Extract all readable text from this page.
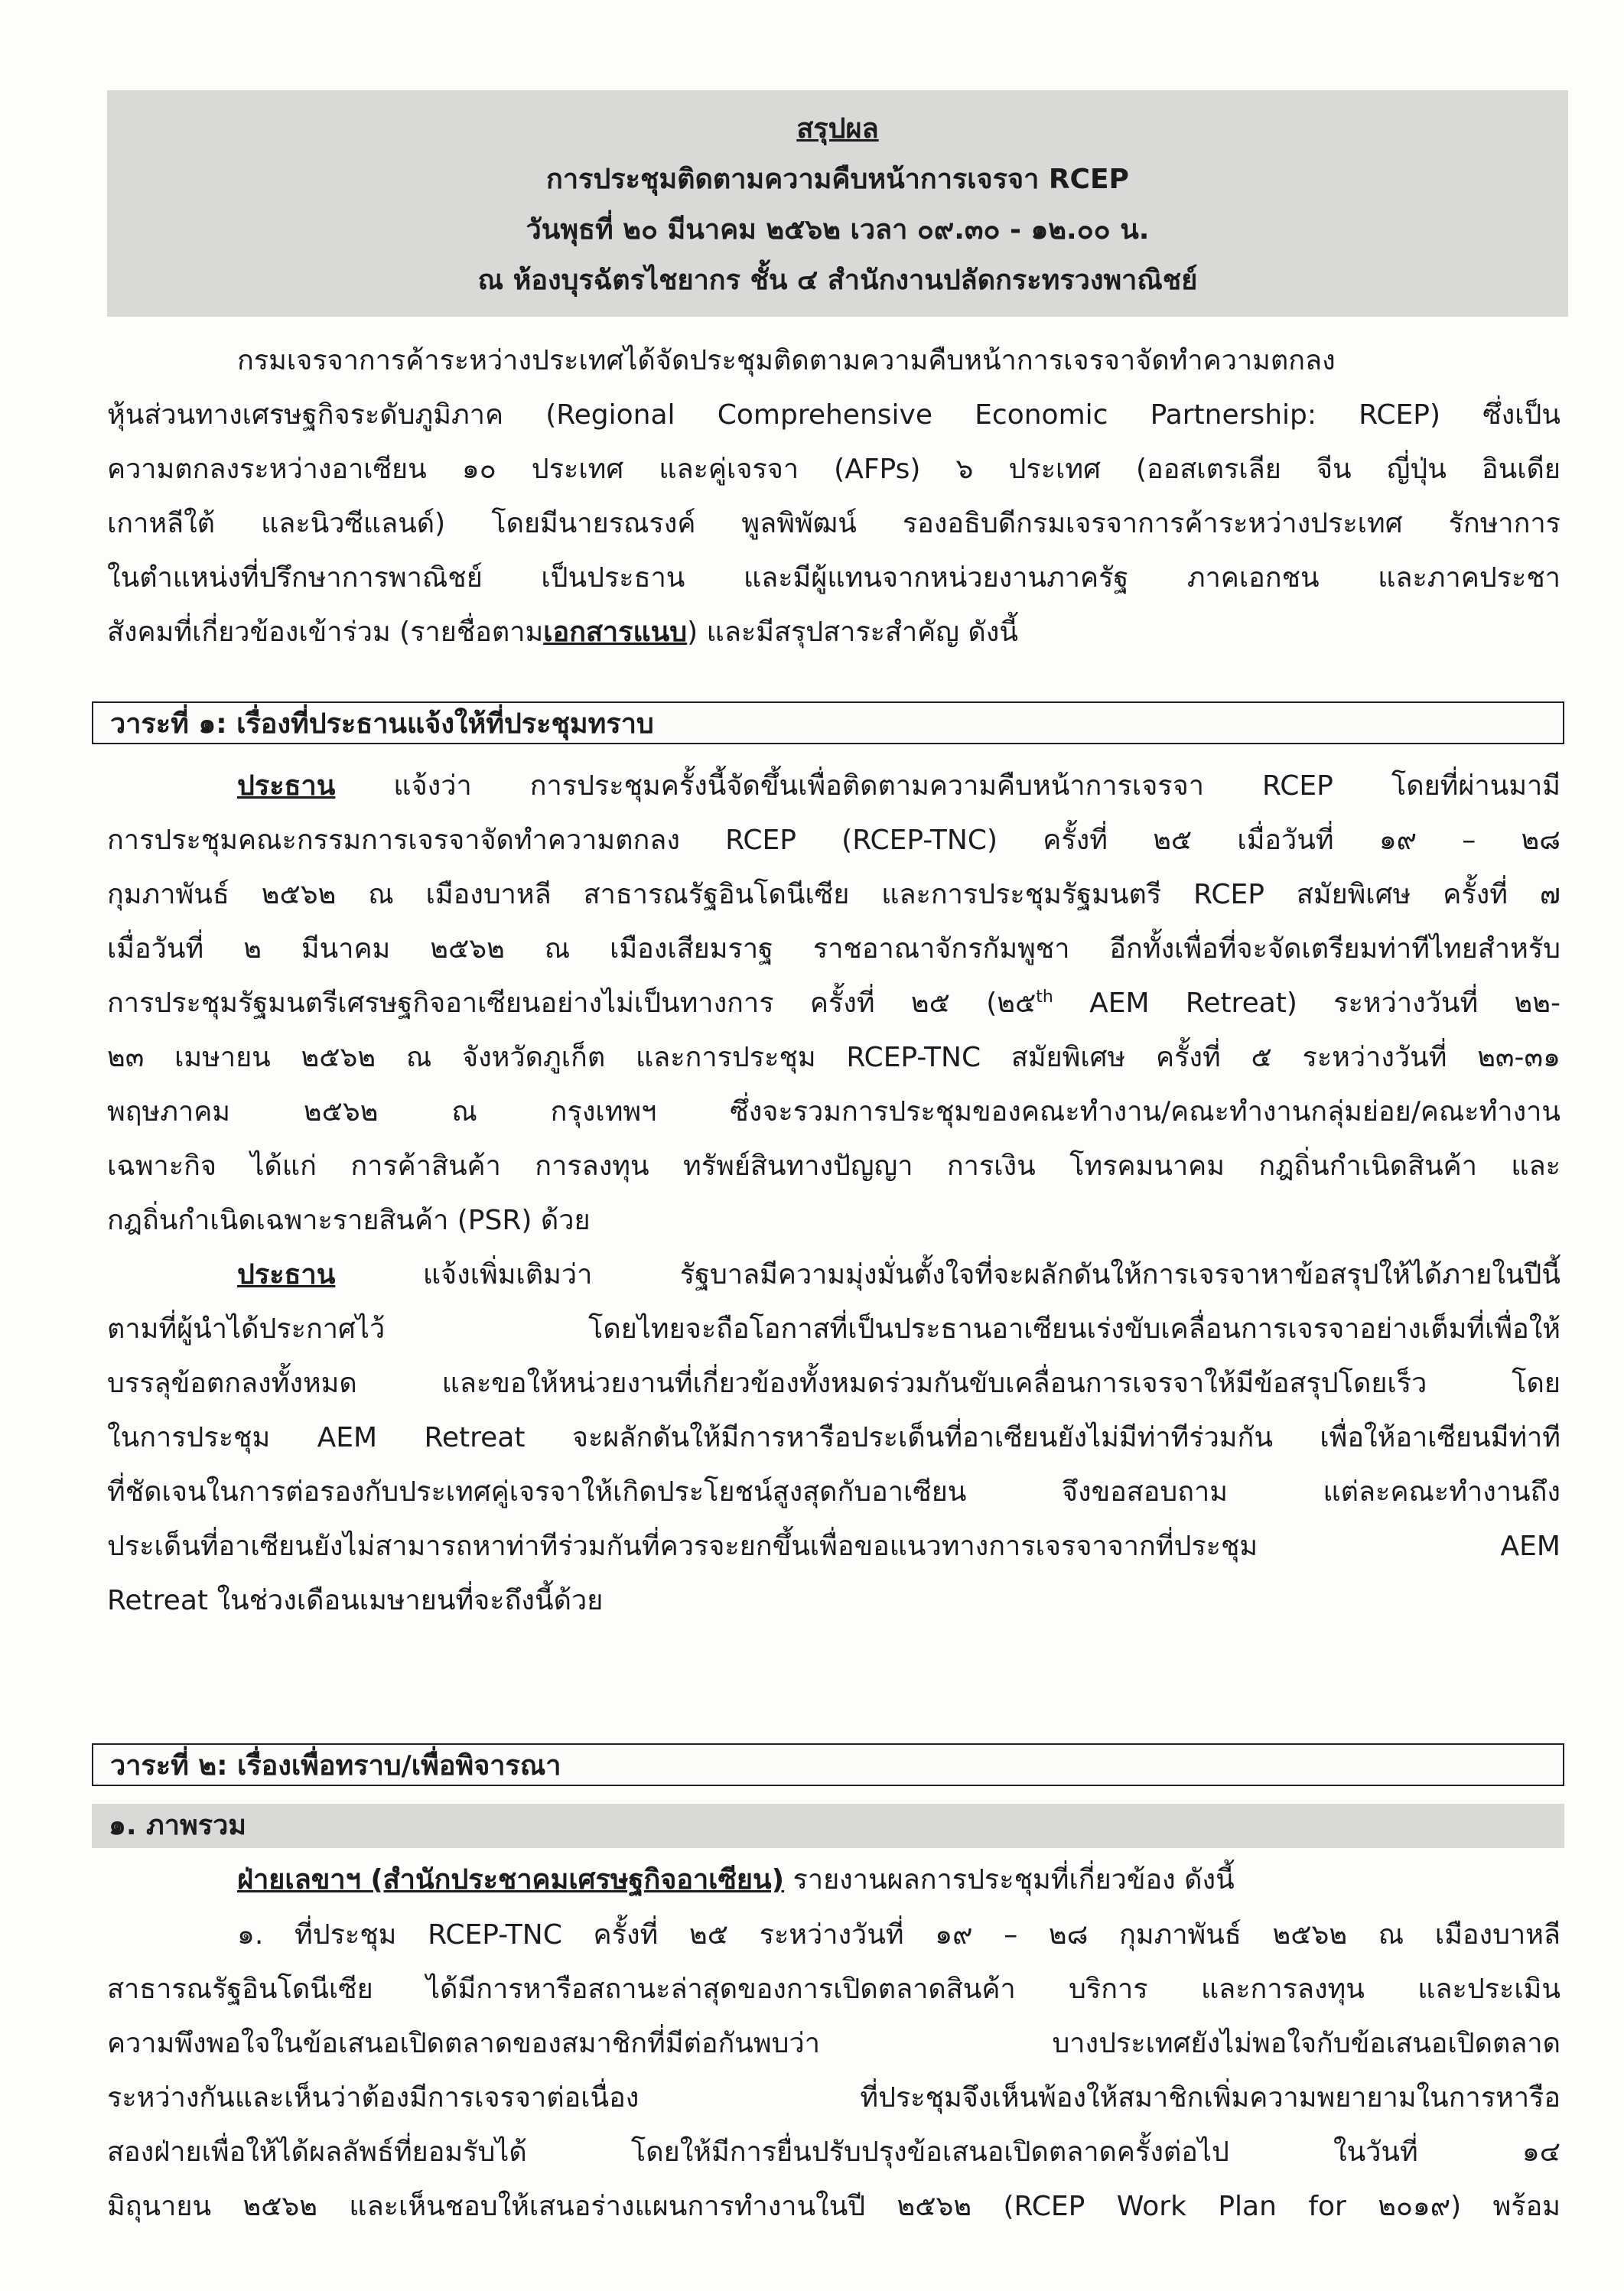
สรุปผล
การประชุมติดตามความคืบหน้าการเจรจา RCEP
วันพุธที่ ๒๐ มีนาคม ๒๕๖๒ เวลา ๐๙.๓๐ - ๑๒.๐๐ น.
ณ ห้องบุรฉัตรไชยากร ชั้น ๔ สำนักงานปลัดกระทรวงพาณิชย์
กรมเจรจาการค้าระหว่างประเทศได้จัดประชุมติดตามความคืบหน้าการเจรจาจัดทำความตกลง
หุ้นส่วนทางเศรษฐกิจระดับภูมิภาค (Regional Comprehensive Economic Partnership: RCEP) ซึ่งเป็น
ความตกลงระหว่างอาเซียน ๑๐ ประเทศ และคู่เจรจา (AFPs) ๖ ประเทศ (ออสเตรเลีย จีน ญี่ปุ่น อินเดีย
เกาหลีใต้ และนิวซีแลนด์) โดยมีนายรณรงค์ พูลพิพัฒน์ รองอธิบดีกรมเจรจาการค้าระหว่างประเทศ รักษาการ
ในตำแหน่งที่ปรึกษาการพาณิชย์ เป็นประธาน และมีผู้แทนจากหน่วยงานภาครัฐ ภาคเอกชน และภาคประชา
สังคมที่เกี่ยวข้องเข้าร่วม (รายชื่อตามเอกสารแนบ) และมีสรุปสาระสำคัญ ดังนี้
วาระที่ ๑: เรื่องที่ประธานแจ้งให้ที่ประชุมทราบ
ประธาน แจ้งว่า การประชุมครั้งนี้จัดขึ้นเพื่อติดตามความคืบหน้าการเจรจา RCEP โดยที่ผ่านมามี
การประชุมคณะกรรมการเจรจาจัดทำความตกลง RCEP (RCEP-TNC) ครั้งที่ ๒๕ เมื่อวันที่ ๑๙ – ๒๘
กุมภาพันธ์ ๒๕๖๒ ณ เมืองบาหลี สาธารณรัฐอินโดนีเซีย และการประชุมรัฐมนตรี RCEP สมัยพิเศษ ครั้งที่ ๗
เมื่อวันที่ ๒ มีนาคม ๒๕๖๒ ณ เมืองเสียมราฐ ราชอาณาจักรกัมพูชา อีกทั้งเพื่อที่จะจัดเตรียมท่าทีไทยสำหรับ
การประชุมรัฐมนตรีเศรษฐกิจอาเซียนอย่างไม่เป็นทางการ ครั้งที่ ๒๕ (๒๕$^{th}$ AEM Retreat) ระหว่างวันที่ ๒๒-
๒๓ เมษายน ๒๕๖๒ ณ จังหวัดภูเก็ต และการประชุม RCEP-TNC สมัยพิเศษ ครั้งที่ ๕ ระหว่างวันที่ ๒๓-๓๑
พฤษภาคม ๒๕๖๒ ณ กรุงเทพฯ ซึ่งจะรวมการประชุมของคณะทำงาน/คณะทำงานกลุ่มย่อย/คณะทำงาน
เฉพาะกิจ ได้แก่ การค้าสินค้า การลงทุน ทรัพย์สินทางปัญญา การเงิน โทรคมนาคม กฎถิ่นกำเนิดสินค้า และ
กฎถิ่นกำเนิดเฉพาะรายสินค้า (PSR) ด้วย
ประธาน แจ้งเพิ่มเติมว่า รัฐบาลมีความมุ่งมั่นตั้งใจที่จะผลักดันให้การเจรจาหาข้อสรุปให้ได้ภายในปีนี้
ตามที่ผู้นำได้ประกาศไว้ โดยไทยจะถือโอกาสที่เป็นประธานอาเซียนเร่งขับเคลื่อนการเจรจาอย่างเต็มที่เพื่อให้
บรรลุข้อตกลงทั้งหมด และขอให้หน่วยงานที่เกี่ยวข้องทั้งหมดร่วมกันขับเคลื่อนการเจรจาให้มีข้อสรุปโดยเร็ว โดย
ในการประชุม AEM Retreat จะผลักดันให้มีการหารือประเด็นที่อาเซียนยังไม่มีท่าทีร่วมกัน เพื่อให้อาเซียนมีท่าที
ที่ชัดเจนในการต่อรองกับประเทศคู่เจรจาให้เกิดประโยชน์สูงสุดกับอาเซียน จึงขอสอบถาม แต่ละคณะทำงานถึง
ประเด็นที่อาเซียนยังไม่สามารถหาท่าทีร่วมกันที่ควรจะยกขึ้นเพื่อขอแนวทางการเจรจาจากที่ประชุม AEM
Retreat ในช่วงเดือนเมษายนที่จะถึงนี้ด้วย
วาระที่ ๒: เรื่องเพื่อทราบ/เพื่อพิจารณา
๑. ภาพรวม
ฝ่ายเลขาฯ (สำนักประชาคมเศรษฐกิจอาเซียน) รายงานผลการประชุมที่เกี่ยวข้อง ดังนี้
๑. ที่ประชุม RCEP-TNC ครั้งที่ ๒๕ ระหว่างวันที่ ๑๙ – ๒๘ กุมภาพันธ์ ๒๕๖๒ ณ เมืองบาหลี
สาธารณรัฐอินโดนีเซีย ได้มีการหารือสถานะล่าสุดของการเปิดตลาดสินค้า บริการ และการลงทุน และประเมิน
ความพึงพอใจในข้อเสนอเปิดตลาดของสมาชิกที่มีต่อกันพบว่า บางประเทศยังไม่พอใจกับข้อเสนอเปิดตลาด
ระหว่างกันและเห็นว่าต้องมีการเจรจาต่อเนื่อง ที่ประชุมจึงเห็นพ้องให้สมาชิกเพิ่มความพยายามในการหารือ
สองฝ่ายเพื่อให้ได้ผลลัพธ์ที่ยอมรับได้ โดยให้มีการยื่นปรับปรุงข้อเสนอเปิดตลาดครั้งต่อไป ในวันที่ ๑๔
มิถุนายน ๒๕๖๒ และเห็นชอบให้เสนอร่างแผนการทำงานในปี ๒๕๖๒ (RCEP Work Plan for ๒๐๑๙) พร้อม
